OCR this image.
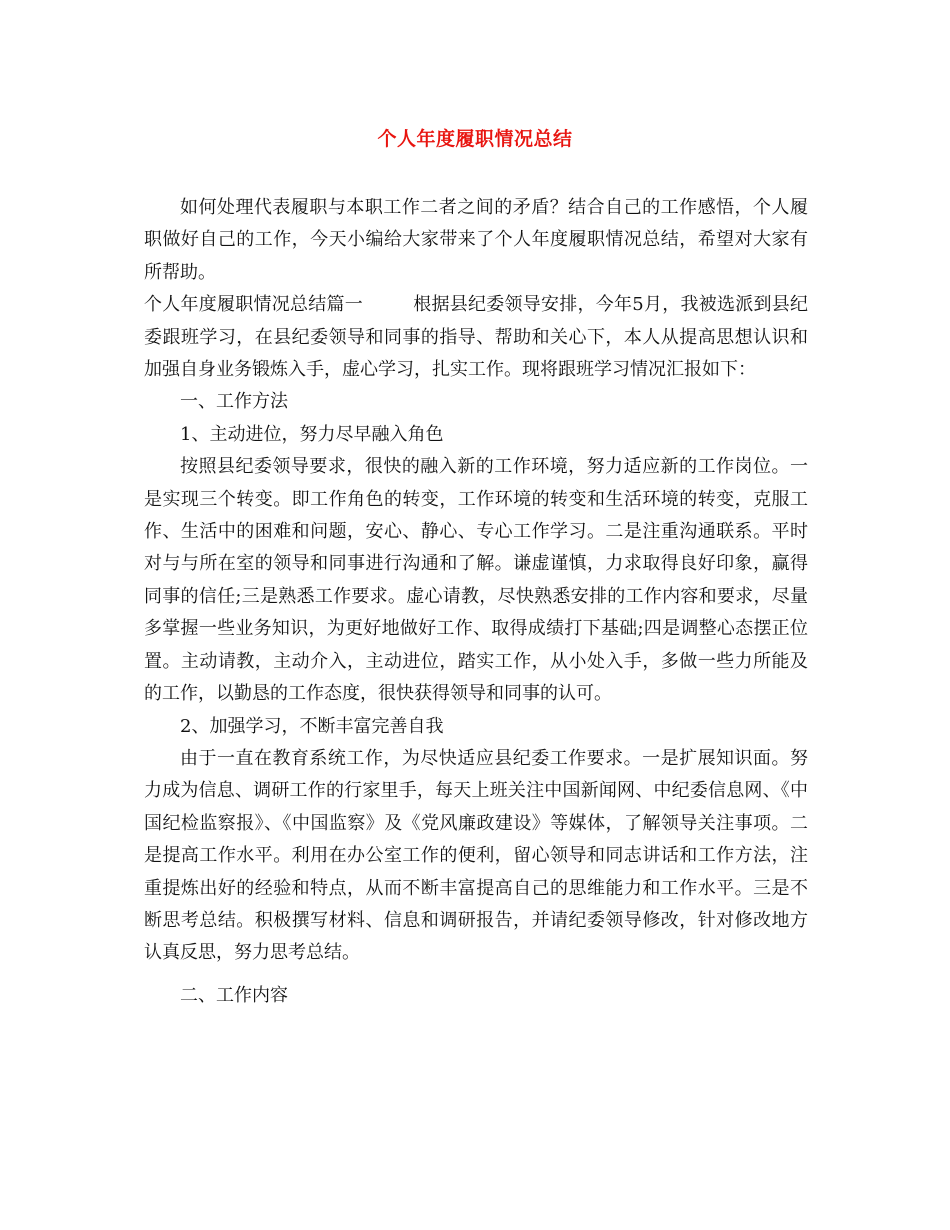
个人年度履职情况总结

如何处理代表履职与本职工作二者之间的矛盾？结合自己的工作感悟，个人履职做好自己的工作，今天小编给大家带来了个人年度履职情况总结，希望对大家有所帮助。

个人年度履职情况总结篇一	根据县纪委领导安排，今年5月，我被选派到县纪委跟班学习，在县纪委领导和同事的指导、帮助和关心下，本人从提高思想认识和加强自身业务锻炼入手，虚心学习，扎实工作。现将跟班学习情况汇报如下：

一、工作方法

1、主动进位，努力尽早融入角色

按照县纪委领导要求，很快的融入新的工作环境，努力适应新的工作岗位。一是实现三个转变。即工作角色的转变，工作环境的转变和生活环境的转变，克服工作、生活中的困难和问题，安心、静心、专心工作学习。二是注重沟通联系。平时对与与所在室的领导和同事进行沟通和了解。谦虚谨慎，力求取得良好印象，赢得同事的信任;三是熟悉工作要求。虚心请教，尽快熟悉安排的工作内容和要求，尽量多掌握一些业务知识，为更好地做好工作、取得成绩打下基础;四是调整心态摆正位置。主动请教，主动介入，主动进位，踏实工作，从小处入手，多做一些力所能及的工作，以勤恳的工作态度，很快获得领导和同事的认可。

2、加强学习，不断丰富完善自我

由于一直在教育系统工作，为尽快适应县纪委工作要求。一是扩展知识面。努力成为信息、调研工作的行家里手，每天上班关注中国新闻网、中纪委信息网、《中国纪检监察报》、《中国监察》及《党风廉政建设》等媒体，了解领导关注事项。二是提高工作水平。利用在办公室工作的便利，留心领导和同志讲话和工作方法，注重提炼出好的经验和特点，从而不断丰富提高自己的思维能力和工作水平。三是不断思考总结。积极撰写材料、信息和调研报告，并请纪委领导修改，针对修改地方认真反思，努力思考总结。

二、工作内容
